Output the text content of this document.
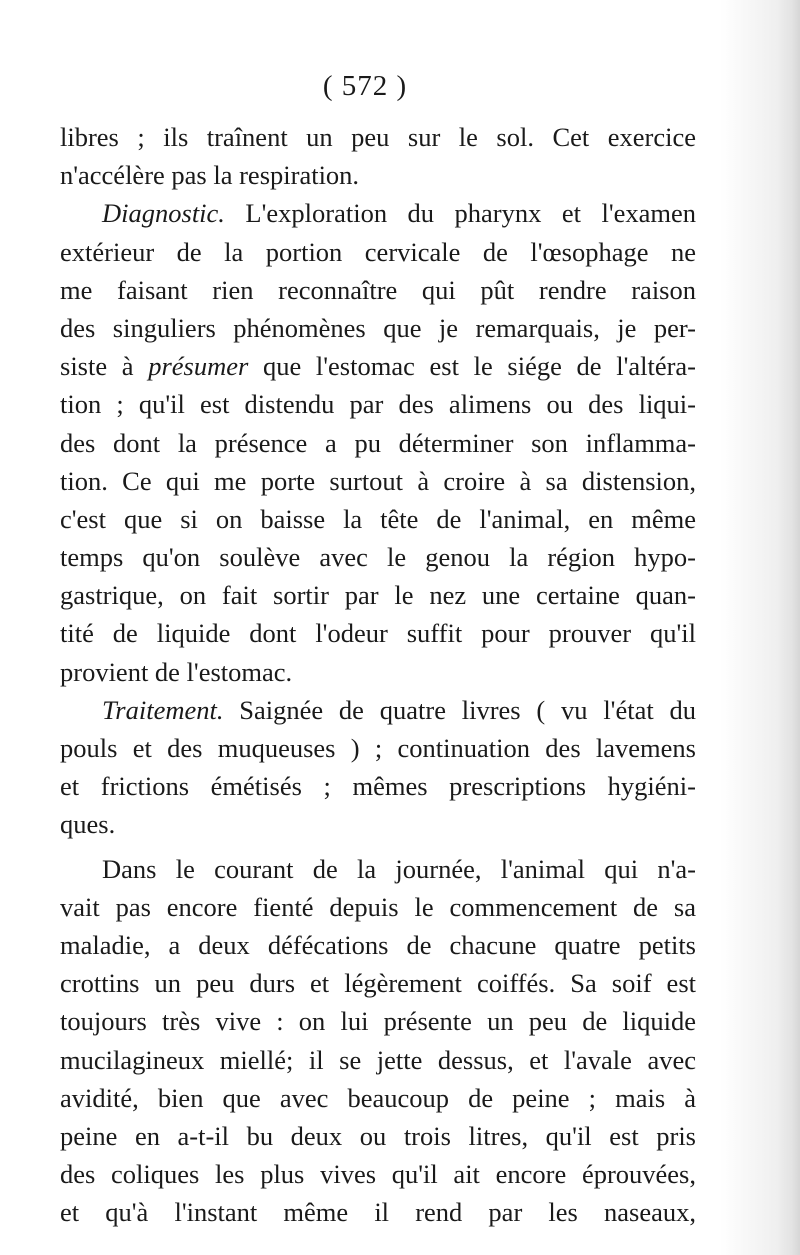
( 572 )
libres ; ils traînent un peu sur le sol. Cet exercice
n'accélère pas la respiration.
Diagnostic. L'exploration du pharynx et l'examen
extérieur de la portion cervicale de l'œsophage ne
me faisant rien reconnaître qui pût rendre raison
des singuliers phénomènes que je remarquais, je per-
siste à présumer que l'estomac est le siége de l'altéra-
tion ; qu'il est distendu par des alimens ou des liqui-
des dont la présence a pu déterminer son inflamma-
tion. Ce qui me porte surtout à croire à sa distension,
c'est que si on baisse la tête de l'animal, en même
temps qu'on soulève avec le genou la région hypo-
gastrique, on fait sortir par le nez une certaine quan-
tité de liquide dont l'odeur suffit pour prouver qu'il
provient de l'estomac.
Traitement. Saignée de quatre livres ( vu l'état du
pouls et des muqueuses ) ; continuation des lavemens
et frictions émétisés ; mêmes prescriptions hygiéni-
ques.
Dans le courant de la journée, l'animal qui n'a-
vait pas encore fienté depuis le commencement de sa
maladie, a deux défécations de chacune quatre petits
crottins un peu durs et légèrement coiffés. Sa soif est
toujours très vive : on lui présente un peu de liquide
mucilagineux miellé; il se jette dessus, et l'avale avec
avidité, bien que avec beaucoup de peine ; mais à
peine en a-t-il bu deux ou trois litres, qu'il est pris
des coliques les plus vives qu'il ait encore éprouvées,
et qu'à l'instant même il rend par les naseaux,
